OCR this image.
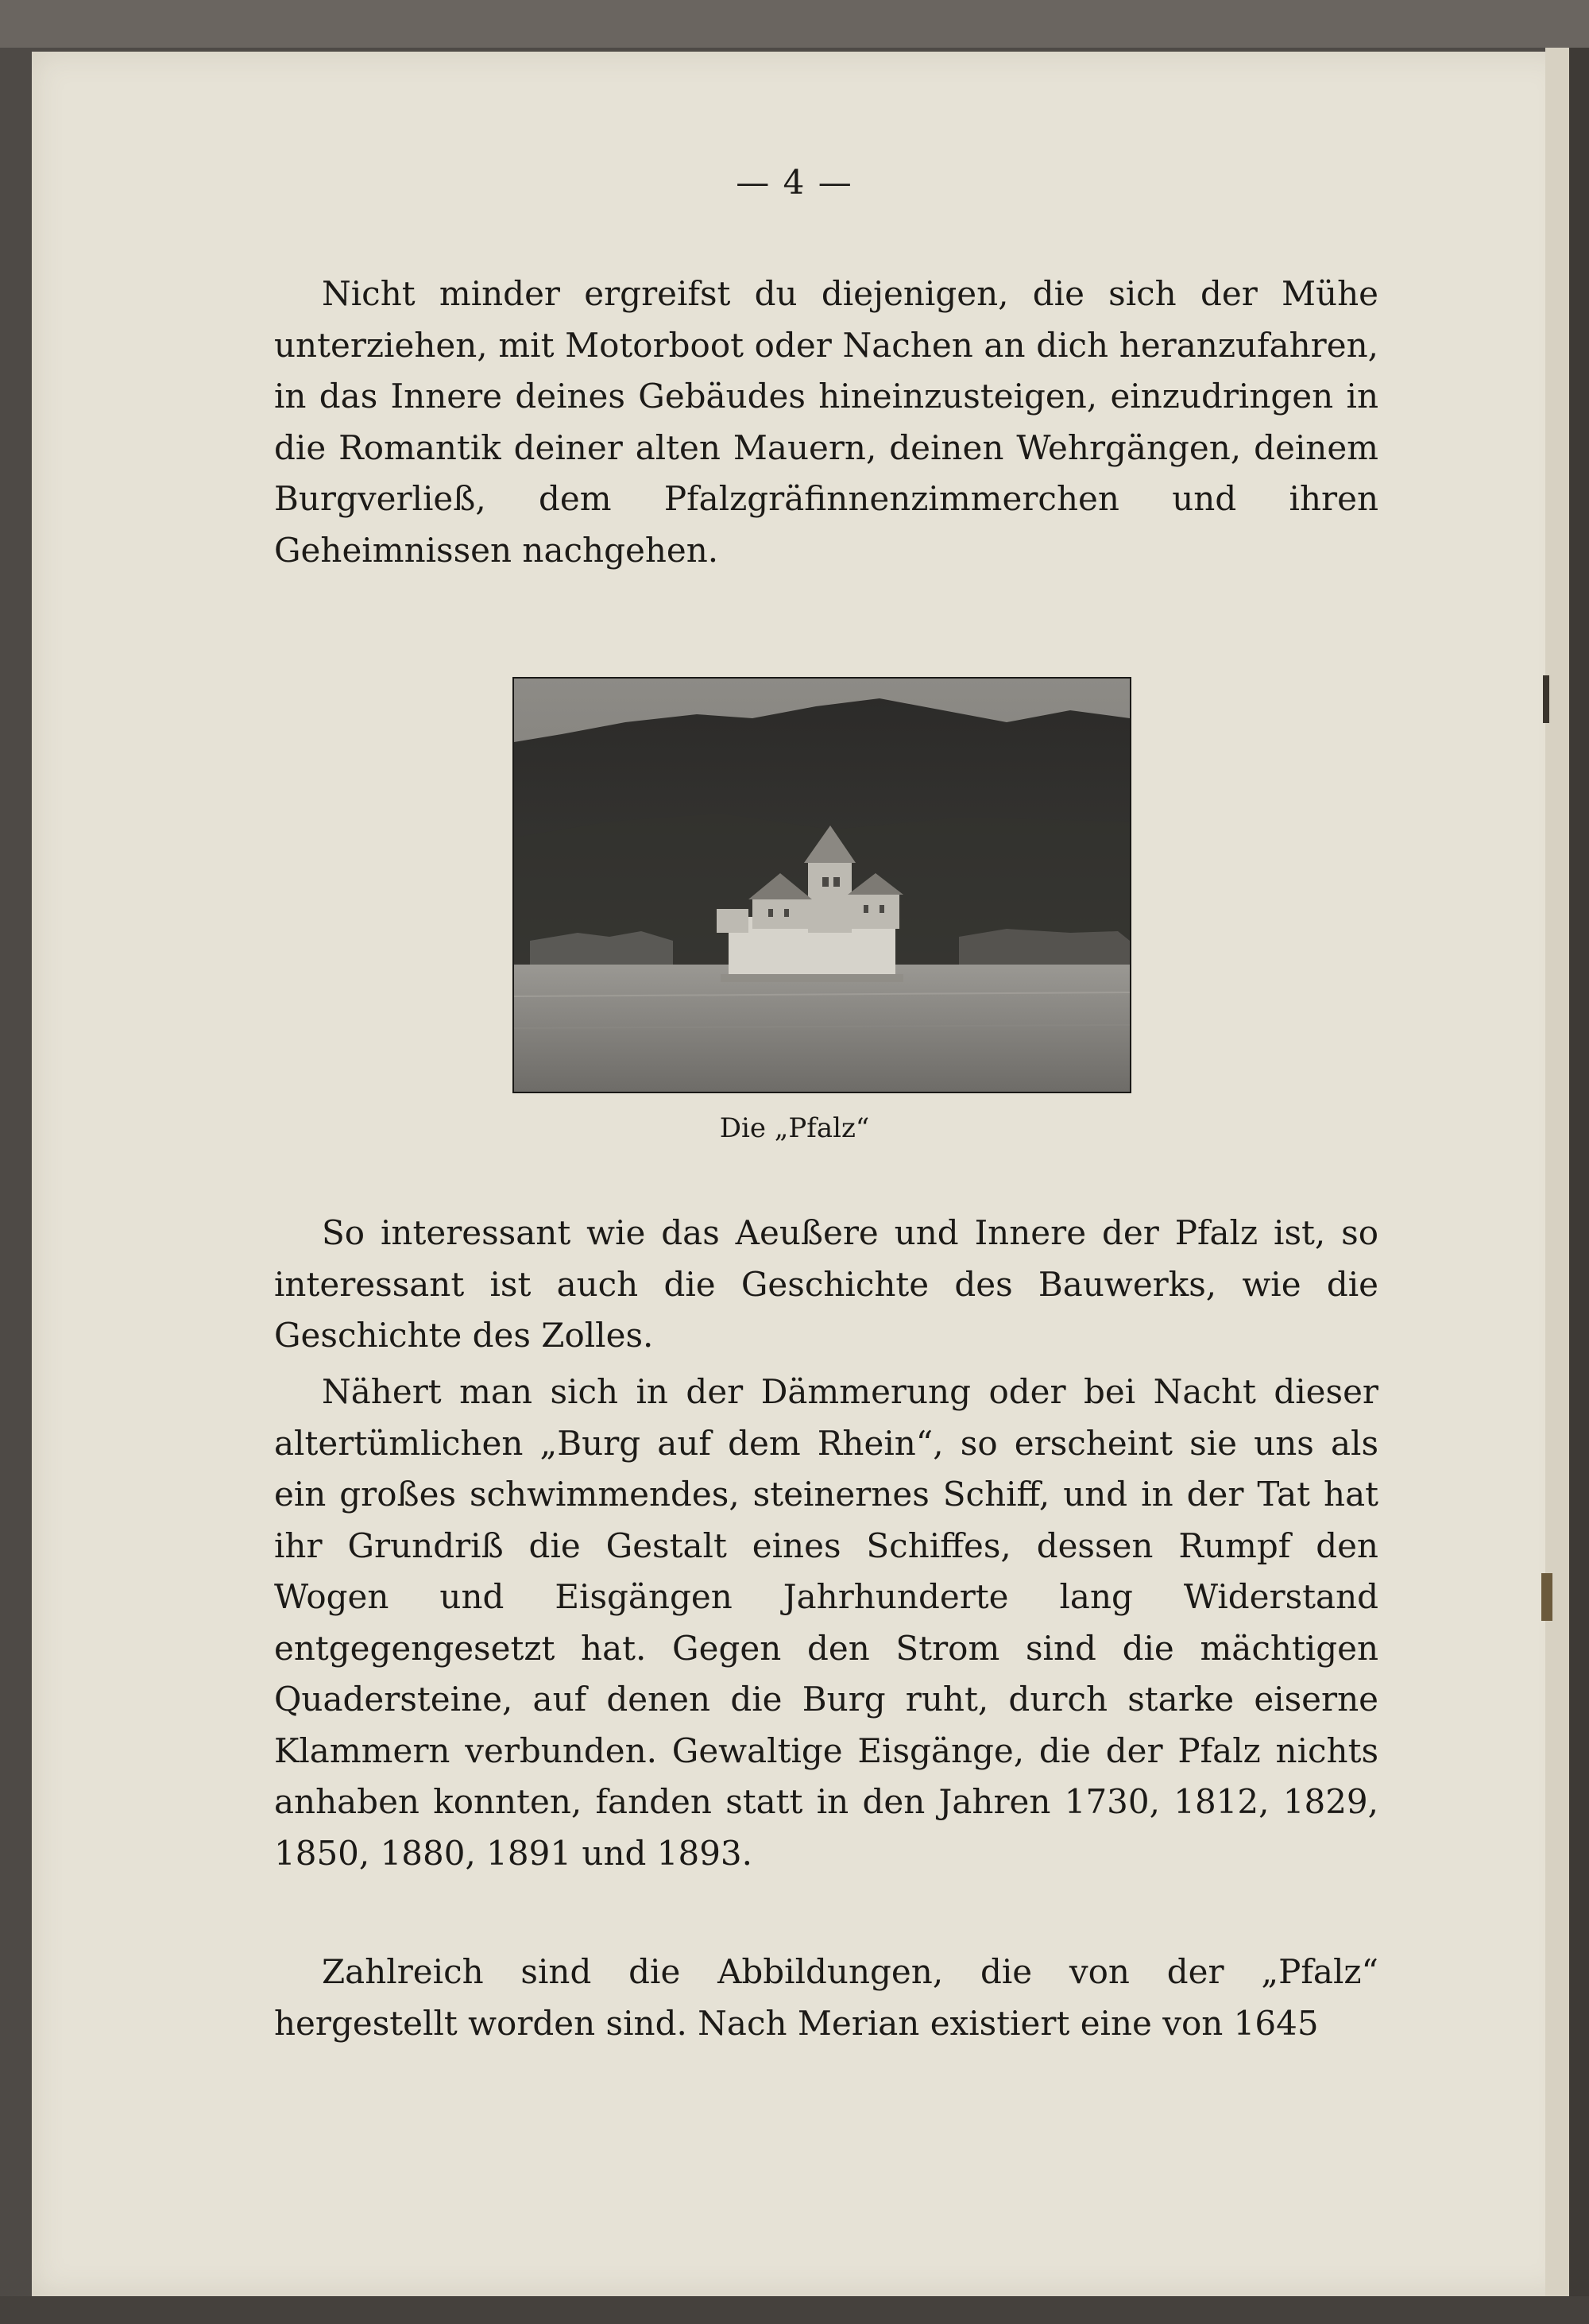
— 4 —

Nicht minder ergreifst du diejenigen, die sich der Mühe unterziehen, mit Motorboot oder Nachen an dich heranzufahren, in das Innere deines Gebäudes hineinzusteigen, einzudringen in die Romantik deiner alten Mauern, deinen Wehrgängen, deinem Burgverließ, dem Pfalzgräfinnenzimmerchen und ihren Geheimnissen nachgehen.

Die „Pfalz“

So interessant wie das Aeußere und Innere der Pfalz ist, so interessant ist auch die Geschichte des Bauwerks, wie die Geschichte des Zolles.

Nähert man sich in der Dämmerung oder bei Nacht dieser altertümlichen „Burg auf dem Rhein“, so erscheint sie uns als ein großes schwimmendes, steinernes Schiff, und in der Tat hat ihr Grundriß die Gestalt eines Schiffes, dessen Rumpf den Wogen und Eisgängen Jahrhunderte lang Widerstand entgegengesetzt hat. Gegen den Strom sind die mächtigen Quadersteine, auf denen die Burg ruht, durch starke eiserne Klammern verbunden. Gewaltige Eisgänge, die der Pfalz nichts anhaben konnten, fanden statt in den Jahren 1730, 1812, 1829, 1850, 1880, 1891 und 1893.

Zahlreich sind die Abbildungen, die von der „Pfalz“ hergestellt worden sind. Nach Merian existiert eine von 1645
